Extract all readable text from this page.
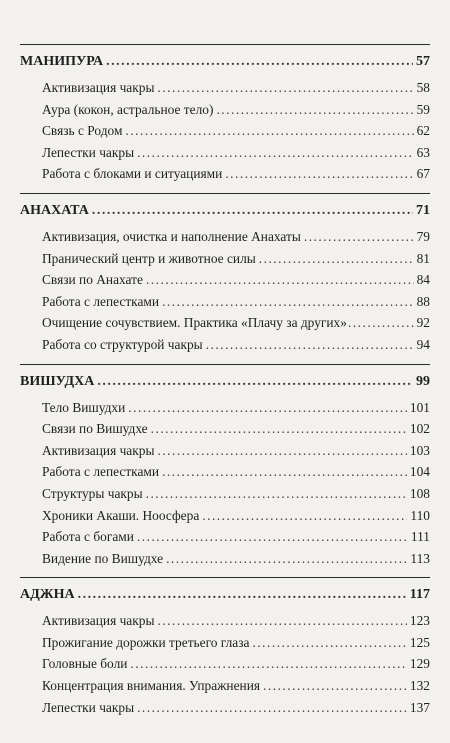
МАНИПУРА .....	57
Активизация чакры .....	58
Аура (кокон, астральное тело) .....	59
Связь с Родом .....	62
Лепестки чакры .....	63
Работа с блоками и ситуациями .....	67
АНАХАТА .....	71
Активизация, очистка и наполнение Анахаты .....	79
Пранический центр и животное силы .....	81
Связи по Анахате .....	84
Работа с лепестками .....	88
Очищение сочувствием. Практика «Плачу за других» .....	92
Работа со структурой чакры .....	94
ВИШУДХА .....	99
Тело Вишудхи .....	101
Связи по Вишудхе .....	102
Активизация чакры .....	103
Работа с лепестками .....	104
Структуры чакры .....	108
Хроники Акаши. Ноосфера .....	110
Работа с богами .....	111
Видение по Вишудхе .....	113
АДЖНА .....	117
Активизация чакры .....	123
Прожигание дорожки третьего глаза .....	125
Головные боли .....	129
Концентрация внимания. Упражнения .....	132
Лепестки чакры .....	137
